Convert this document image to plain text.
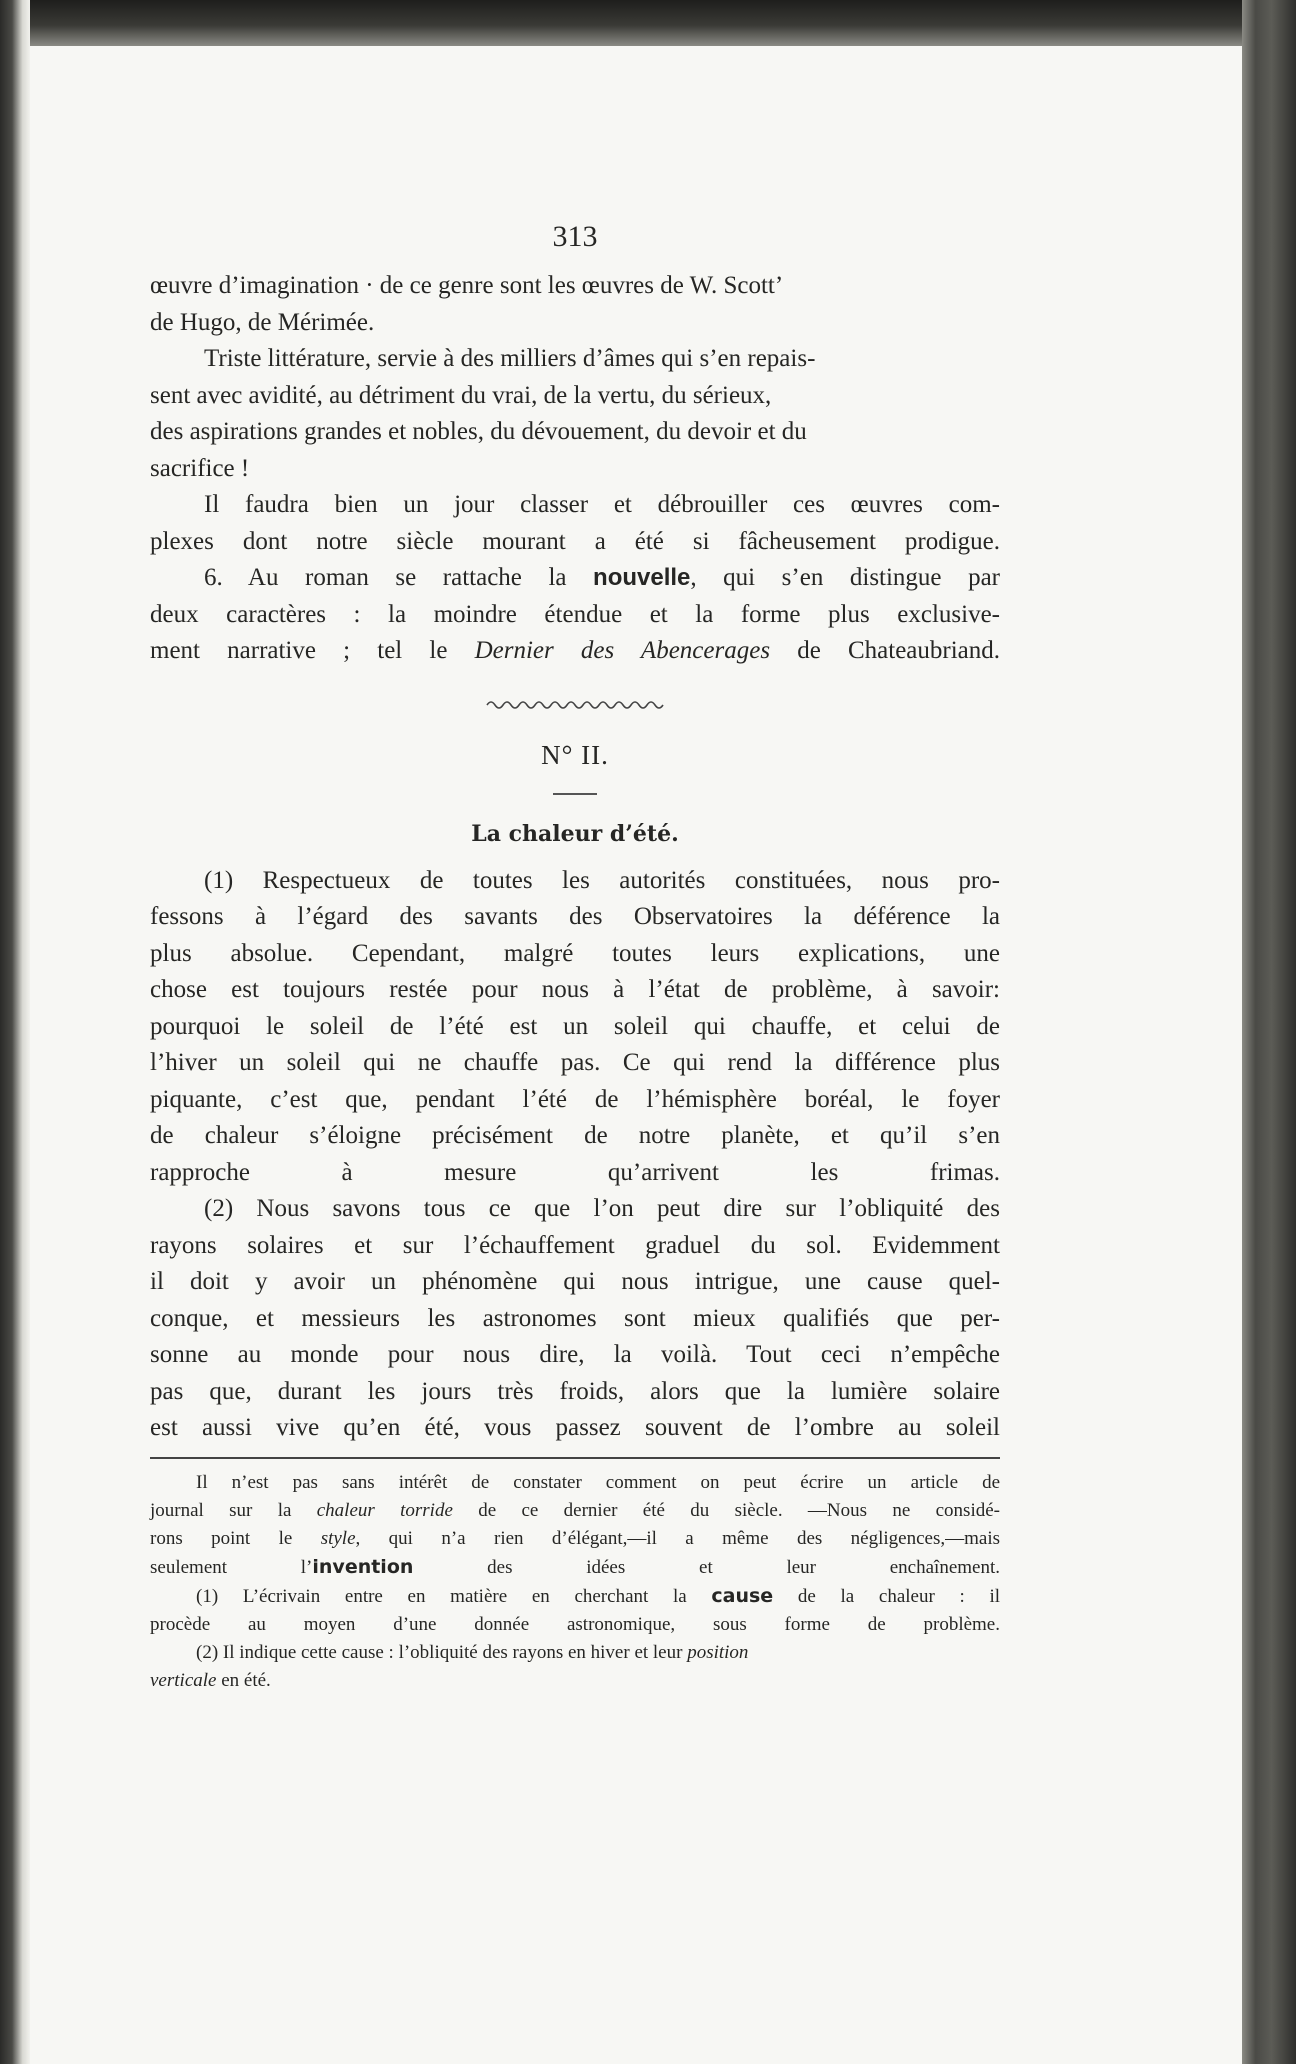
313

œuvre d’imagination · de ce genre sont les œuvres de W. Scott’
de Hugo, de Mérimée.

Triste littérature, servie à des milliers d’âmes qui s’en repais-
sent avec avidité, au détriment du vrai, de la vertu, du sérieux,
des aspirations grandes et nobles, du dévouement, du devoir et du
sacrifice !

Il faudra bien un jour classer et débrouiller ces œuvres com-
plexes dont notre siècle mourant a été si fâcheusement prodigue.

6. Au roman se rattache la nouvelle, qui s’en distingue par
deux caractères : la moindre étendue et la forme plus exclusive-
ment narrative ; tel le Dernier des Abencerages de Chateaubriand.

N° II.
La chaleur d’été.

(1) Respectueux de toutes les autorités constituées, nous pro-
fessons à l’égard des savants des Observatoires la déférence la
plus absolue. Cependant, malgré toutes leurs explications, une
chose est toujours restée pour nous à l’état de problème, à savoir:
pourquoi le soleil de l’été est un soleil qui chauffe, et celui de
l’hiver un soleil qui ne chauffe pas. Ce qui rend la différence plus
piquante, c’est que, pendant l’été de l’hémisphère boréal, le foyer
de chaleur s’éloigne précisément de notre planète, et qu’il s’en
rapproche à mesure qu’arrivent les frimas.

(2) Nous savons tous ce que l’on peut dire sur l’obliquité des
rayons solaires et sur l’échauffement graduel du sol. Evidemment
il doit y avoir un phénomène qui nous intrigue, une cause quel-
conque, et messieurs les astronomes sont mieux qualifiés que per-
sonne au monde pour nous dire, la voilà. Tout ceci n’empêche
pas que, durant les jours très froids, alors que la lumière solaire
est aussi vive qu’en été, vous passez souvent de l’ombre au soleil

Il n’est pas sans intérêt de constater comment on peut écrire un article de
journal sur la chaleur torride de ce dernier été du siècle. —Nous ne considé-
rons point le style, qui n’a rien d’élégant,—il a même des négligences,—mais
seulement l’invention des idées et leur enchaînement.

(1) L’écrivain entre en matière en cherchant la cause de la chaleur : il
procède au moyen d’une donnée astronomique, sous forme de problème.

(2) Il indique cette cause : l’obliquité des rayons en hiver et leur position
verticale en été.
